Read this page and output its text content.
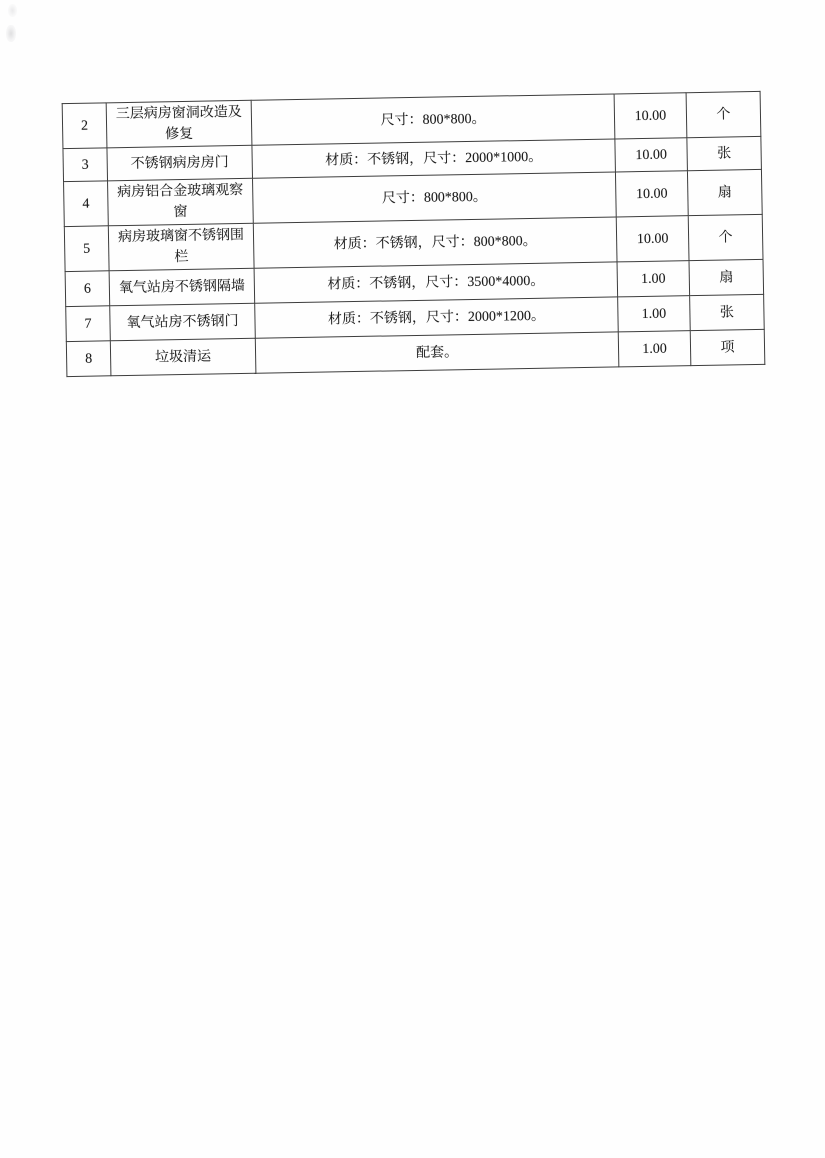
2	三层病房窗洞改造及修复	尺寸：800*800。	10.00	个
3	不锈钢病房房门	材质：不锈钢，尺寸：2000*1000。	10.00	张
4	病房铝合金玻璃观察窗	尺寸：800*800。	10.00	扇
5	病房玻璃窗不锈钢围栏	材质：不锈钢，尺寸：800*800。	10.00	个
6	氧气站房不锈钢隔墙	材质：不锈钢，尺寸：3500*4000。	1.00	扇
7	氧气站房不锈钢门	材质：不锈钢，尺寸：2000*1200。	1.00	张
8	垃圾清运	配套。	1.00	项
